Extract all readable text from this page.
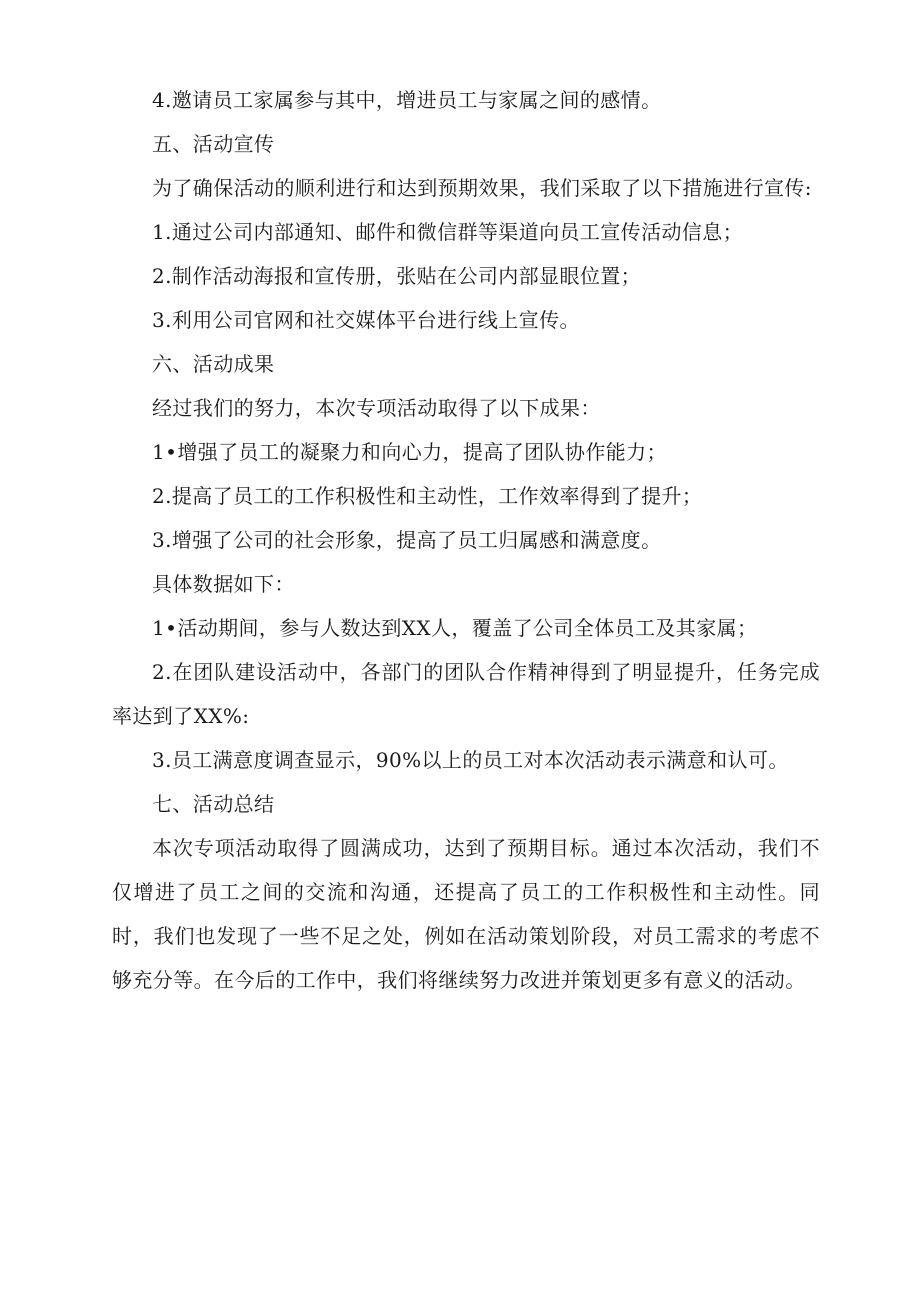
4.邀请员工家属参与其中，增进员工与家属之间的感情。

五、活动宣传

为了确保活动的顺利进行和达到预期效果，我们采取了以下措施进行宣传:

1.通过公司内部通知、邮件和微信群等渠道向员工宣传活动信息；

2.制作活动海报和宣传册，张贴在公司内部显眼位置；

3.利用公司官网和社交媒体平台进行线上宣传。

六、活动成果

经过我们的努力，本次专项活动取得了以下成果：

1•增强了员工的凝聚力和向心力，提高了团队协作能力；

2.提高了员工的工作积极性和主动性，工作效率得到了提升；

3.增强了公司的社会形象，提高了员工归属感和满意度。

具体数据如下：

1•活动期间，参与人数达到XX人，覆盖了公司全体员工及其家属；

2.在团队建设活动中，各部门的团队合作精神得到了明显提升，任务完成率达到了XX%:

3.员工满意度调查显示，90%以上的员工对本次活动表示满意和认可。

七、活动总结

本次专项活动取得了圆满成功，达到了预期目标。通过本次活动，我们不仅增进了员工之间的交流和沟通，还提高了员工的工作积极性和主动性。同时，我们也发现了一些不足之处，例如在活动策划阶段，对员工需求的考虑不够充分等。在今后的工作中，我们将继续努力改进并策划更多有意义的活动。
